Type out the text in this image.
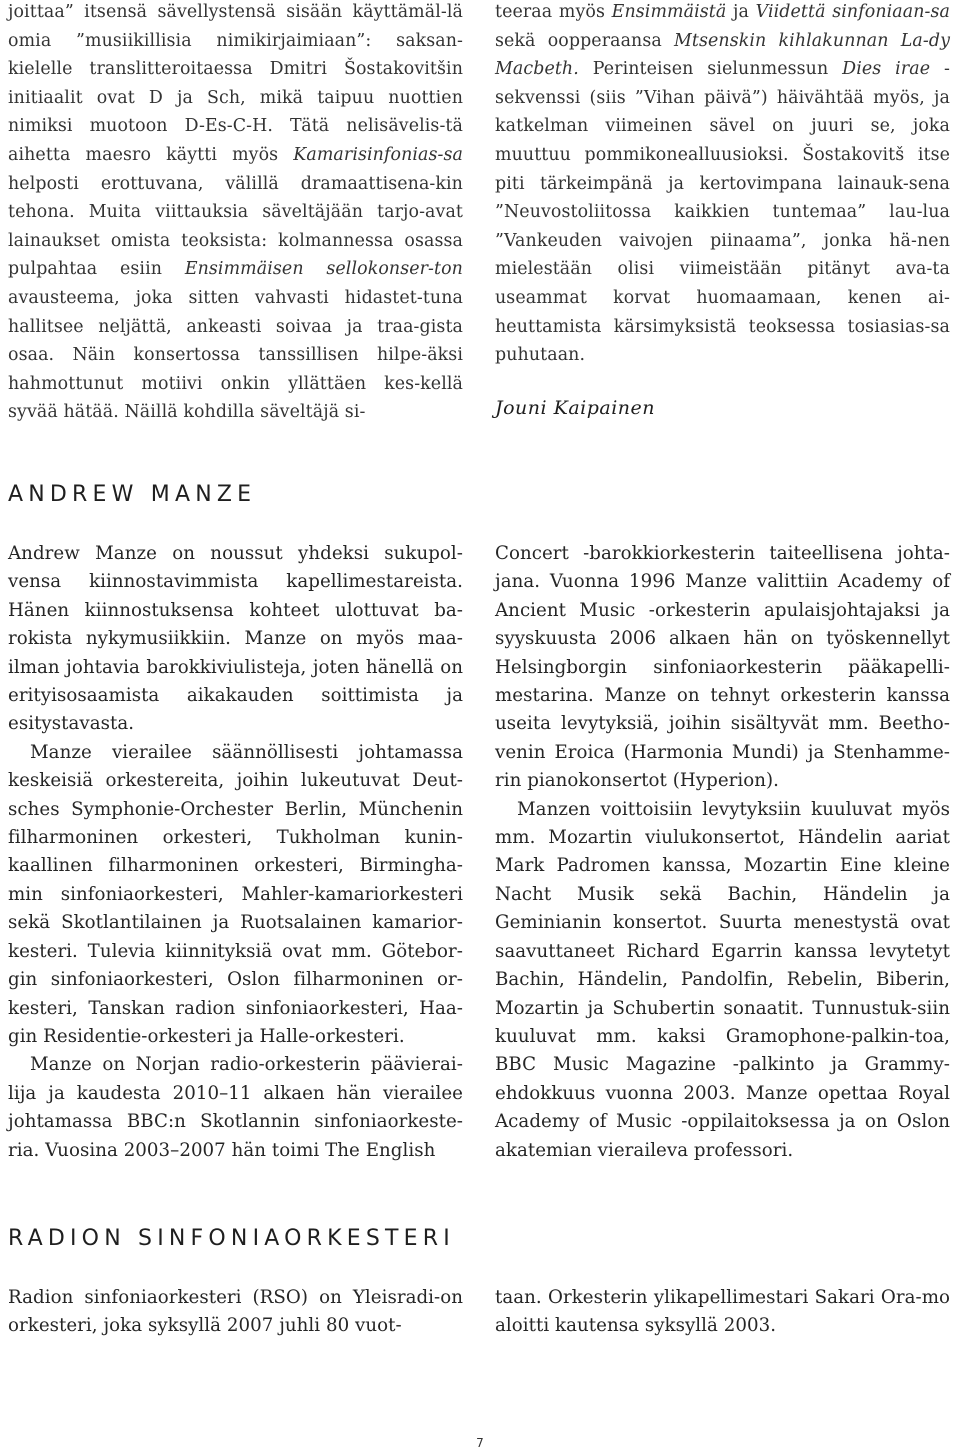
joittaa” itsensä sävellystensä sisään käyttämäl-lä omia ”musiikillisia nimikirjaimiaan”: saksan-kielelle translitteroitaessa Dmitri Šostakovitšin initiaalit ovat D ja Sch, mikä taipuu nuottien nimiksi muotoon D-Es-C-H. Tätä nelisävelis-tä aihetta maesro käytti myös Kamarisinfonias-sa helposti erottuvana, välillä dramaattisena-kin tehona. Muita viittauksia säveltäjään tarjo-avat lainaukset omista teoksista: kolmannessa osassa pulpahtaa esiin Ensimmäisen sellokonser-ton avausteema, joka sitten vahvasti hidastet-tuna hallitsee neljättä, ankeasti soivaa ja traa-gista osaa. Näin konsertossa tanssillisen hilpe-äksi hahmottunut motiivi onkin yllättäen kes-kellä syvää hätää. Näillä kohdilla säveltäjä si-

teeraa myös Ensimmäistä ja Viidettä sinfoniaan-sa sekä oopperaansa Mtsenskin kihlakunnan La-dy Macbeth. Perinteisen sielunmessun Dies irae -sekvenssi (siis ”Vihan päivä”) häivähtää myös, ja katkelman viimeinen sävel on juuri se, joka muuttuu pommikonealluusioksi. Šostakovitš itse piti tärkeimpänä ja kertovimpana lainauk-sena ”Neuvostoliitossa kaikkien tuntemaa” lau-lua ”Vankeuden vaivojen piinaama”, jonka hä-nen mielestään olisi viimeistään pitänyt ava-ta useammat korvat huomaamaan, kenen ai-heuttamista kärsimyksistä teoksessa tosiasias-sa puhutaan.

Jouni Kaipainen
ANDREW MANZE

Andrew Manze on noussut yhdeksi sukupol-vensa kiinnostavimmista kapellimestareista. Hänen kiinnostuksensa kohteet ulottuvat ba-rokista nykymusiikkiin. Manze on myös maa-ilman johtavia barokkiviulisteja, joten hänellä on erityisosaamista aikakauden soittimista ja esitystavasta.

Manze vierailee säännöllisesti johtamassa keskeisiä orkestereita, joihin lukeutuvat Deut-sches Symphonie-Orchester Berlin, Münchenin filharmoninen orkesteri, Tukholman kunin-kaallinen filharmoninen orkesteri, Birmingha-min sinfoniaorkesteri, Mahler-kamariorkesteri sekä Skotlantilainen ja Ruotsalainen kamarior-kesteri. Tulevia kiinnityksiä ovat mm. Götebor-gin sinfoniaorkesteri, Oslon filharmoninen or-kesteri, Tanskan radion sinfoniaorkesteri, Haa-gin Residentie-orkesteri ja Halle-orkesteri.

Manze on Norjan radio-orkesterin päävierai-lija ja kaudesta 2010–11 alkaen hän vierailee johtamassa BBC:n Skotlannin sinfoniaorkeste-ria. Vuosina 2003–2007 hän toimi The English

Concert -barokkiorkesterin taiteellisena johta-jana. Vuonna 1996 Manze valittiin Academy of Ancient Music -orkesterin apulaisjohtajaksi ja syyskuusta 2006 alkaen hän on työskennellyt Helsingborgin sinfoniaorkesterin pääkapelli-mestarina. Manze on tehnyt orkesterin kanssa useita levytyksiä, joihin sisältyvät mm. Beetho-venin Eroica (Harmonia Mundi) ja Stenhamme-rin pianokonsertot (Hyperion).

Manzen voittoisiin levytyksiin kuuluvat myös mm. Mozartin viulukonsertot, Händelin aariat Mark Padromen kanssa, Mozartin Eine kleine Nacht Musik sekä Bachin, Händelin ja Geminianin konsertot. Suurta menestystä ovat saavuttaneet Richard Egarrin kanssa levytetyt Bachin, Händelin, Pandolfin, Rebelin, Biberin, Mozartin ja Schubertin sonaatit. Tunnustuk-siin kuuluvat mm. kaksi Gramophone-palkin-toa, BBC Music Magazine -palkinto ja Grammy-ehdokkuus vuonna 2003. Manze opettaa Royal Academy of Music -oppilaitoksessa ja on Oslon akatemian vieraileva professori.

RADION SINFONIAORKESTERI

Radion sinfoniaorkesteri (RSO) on Yleisradi-on orkesteri, joka syksyllä 2007 juhli 80 vuot-

taan. Orkesterin ylikapellimestari Sakari Ora-mo aloitti kautensa syksyllä 2003.

7
